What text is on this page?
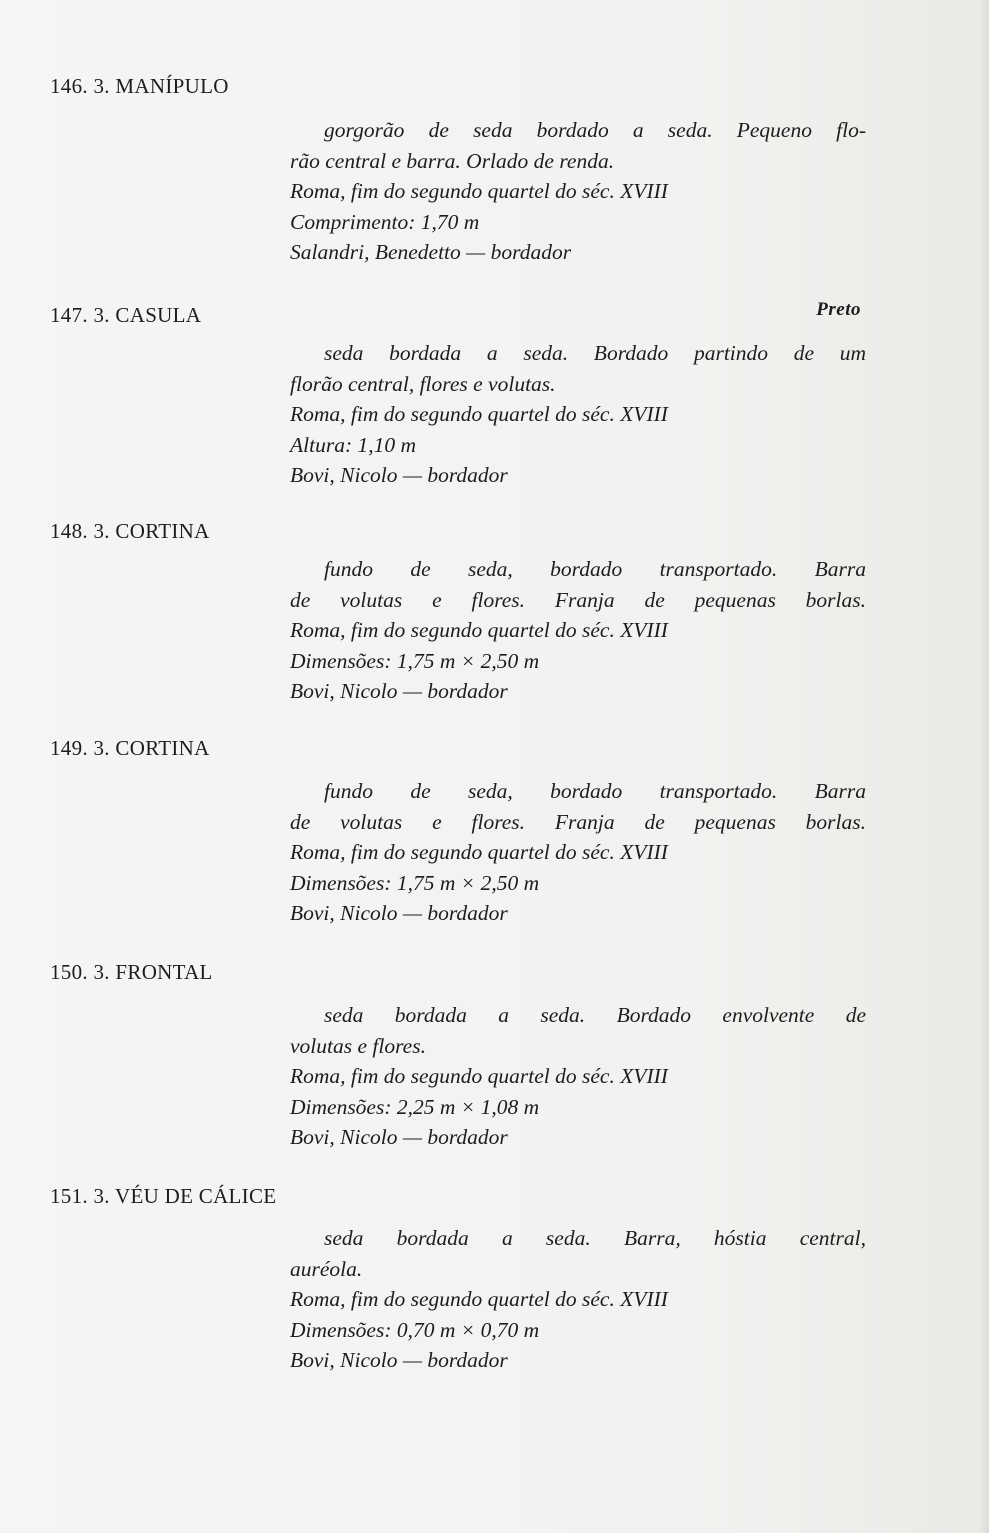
146. 3. MANÍPULO
gorgorão de seda bordado a seda. Pequeno flo-
rão central e barra. Orlado de renda.
Roma, fim do segundo quartel do séc. XVIII
Comprimento: 1,70 m
Salandri, Benedetto — bordador
147. 3. CASULA	Preto
seda bordada a seda. Bordado partindo de um
florão central, flores e volutas.
Roma, fim do segundo quartel do séc. XVIII
Altura: 1,10 m
Bovi, Nicolo — bordador
148. 3. CORTINA
fundo de seda, bordado transportado. Barra
de volutas e flores. Franja de pequenas borlas.
Roma, fim do segundo quartel do séc. XVIII
Dimensões: 1,75 m × 2,50 m
Bovi, Nicolo — bordador
149. 3. CORTINA
fundo de seda, bordado transportado. Barra
de volutas e flores. Franja de pequenas borlas.
Roma, fim do segundo quartel do séc. XVIII
Dimensões: 1,75 m × 2,50 m
Bovi, Nicolo — bordador
150. 3. FRONTAL
seda bordada a seda. Bordado envolvente de
volutas e flores.
Roma, fim do segundo quartel do séc. XVIII
Dimensões: 2,25 m × 1,08 m
Bovi, Nicolo — bordador
151. 3. VÉU DE CÁLICE
seda bordada a seda. Barra, hóstia central,
auréola.
Roma, fim do segundo quartel do séc. XVIII
Dimensões: 0,70 m × 0,70 m
Bovi, Nicolo — bordador
